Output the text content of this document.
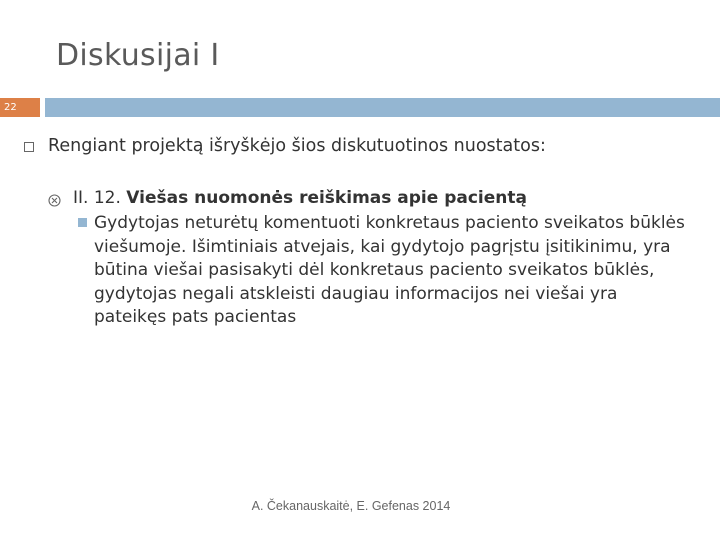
Diskusijai I
22
Rengiant projektą išryškėjo šios diskutuotinos nuostatos:
II. 12. Viešas nuomonės reiškimas apie pacientą
Gydytojas neturėtų komentuoti konkretaus paciento sveikatos būklės viešumoje. Išimtiniais atvejais, kai gydytojo pagrįstu įsitikinimu, yra būtina viešai pasisakyti dėl konkretaus paciento sveikatos būklės, gydytojas negali atskleisti daugiau informacijos nei viešai yra pateikęs pats pacientas
A. Čekanauskaitė, E. Gefenas 2014
